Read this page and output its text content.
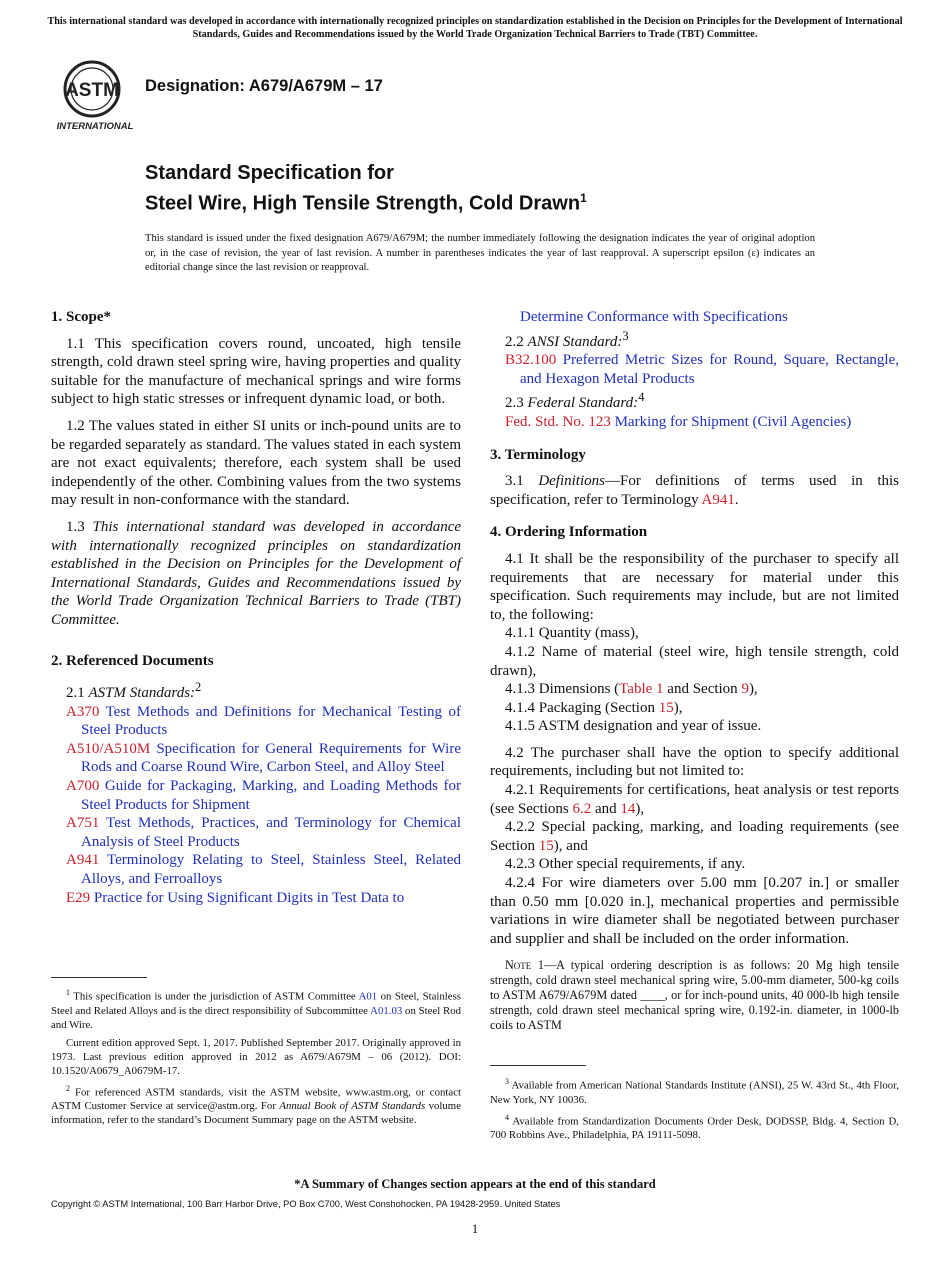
This international standard was developed in accordance with internationally recognized principles on standardization established in the Decision on Principles for the Development of International Standards, Guides and Recommendations issued by the World Trade Organization Technical Barriers to Trade (TBT) Committee.
ASTM
INTERNATIONAL
Designation: A679/A679M – 17
Standard Specification for
Steel Wire, High Tensile Strength, Cold Drawn$^1$
This standard is issued under the fixed designation A679/A679M; the number immediately following the designation indicates the year of original adoption or, in the case of revision, the year of last revision. A number in parentheses indicates the year of last reapproval. A superscript epsilon (ε) indicates an editorial change since the last revision or reapproval.
1. Scope*

1.1 This specification covers round, uncoated, high tensile strength, cold drawn steel spring wire, having properties and quality suitable for the manufacture of mechanical springs and wire forms subject to high static stresses or infrequent dynamic load, or both.

1.2 The values stated in either SI units or inch-pound units are to be regarded separately as standard. The values stated in each system are not exact equivalents; therefore, each system shall be used independently of the other. Combining values from the two systems may result in non-conformance with the standard.

1.3 This international standard was developed in accordance with internationally recognized principles on standardization established in the Decision on Principles for the Development of International Standards, Guides and Recommendations issued by the World Trade Organization Technical Barriers to Trade (TBT) Committee.

2. Referenced Documents

2.1 ASTM Standards:$^2$

A370 Test Methods and Definitions for Mechanical Testing of Steel Products

A510/A510M Specification for General Requirements for Wire Rods and Coarse Round Wire, Carbon Steel, and Alloy Steel

A700 Guide for Packaging, Marking, and Loading Methods for Steel Products for Shipment

A751 Test Methods, Practices, and Terminology for Chemical Analysis of Steel Products

A941 Terminology Relating to Steel, Stainless Steel, Related Alloys, and Ferroalloys

E29 Practice for Using Significant Digits in Test Data to

Determine Conformance with Specifications

2.2 ANSI Standard:$^3$

B32.100 Preferred Metric Sizes for Round, Square, Rectangle, and Hexagon Metal Products

2.3 Federal Standard:$^4$

Fed. Std. No. 123 Marking for Shipment (Civil Agencies)

3. Terminology

3.1 Definitions—For definitions of terms used in this specification, refer to Terminology A941.

4. Ordering Information

4.1 It shall be the responsibility of the purchaser to specify all requirements that are necessary for material under this specification. Such requirements may include, but are not limited to, the following:

4.1.1 Quantity (mass),

4.1.2 Name of material (steel wire, high tensile strength, cold drawn),

4.1.3 Dimensions (Table 1 and Section 9),

4.1.4 Packaging (Section 15),

4.1.5 ASTM designation and year of issue.

4.2 The purchaser shall have the option to specify additional requirements, including but not limited to:

4.2.1 Requirements for certifications, heat analysis or test reports (see Sections 6.2 and 14),

4.2.2 Special packing, marking, and loading requirements (see Section 15), and

4.2.3 Other special requirements, if any.

4.2.4 For wire diameters over 5.00 mm [0.207 in.] or smaller than 0.50 mm [0.020 in.], mechanical properties and permissible variations in wire diameter shall be negotiated between purchaser and supplier and shall be included on the order information.

Note 1—A typical ordering description is as follows: 20 Mg high tensile strength, cold drawn steel mechanical spring wire, 5.00-mm diameter, 500-kg coils to ASTM A679/A679M dated ____, or for inch-pound units, 40 000-lb high tensile strength, cold drawn steel mechanical spring wire, 0.192-in. diameter, in 1000-lb coils to ASTM

$^1$ This specification is under the jurisdiction of ASTM Committee A01 on Steel, Stainless Steel and Related Alloys and is the direct responsibility of Subcommittee A01.03 on Steel Rod and Wire.

Current edition approved Sept. 1, 2017. Published September 2017. Originally approved in 1973. Last previous edition approved in 2012 as A679/A679M – 06 (2012). DOI: 10.1520/A0679_A0679M-17.

$^2$ For referenced ASTM standards, visit the ASTM website, www.astm.org, or contact ASTM Customer Service at service@astm.org. For Annual Book of ASTM Standards volume information, refer to the standard’s Document Summary page on the ASTM website.

$^3$ Available from American National Standards Institute (ANSI), 25 W. 43rd St., 4th Floor, New York, NY 10036.

$^4$ Available from Standardization Documents Order Desk, DODSSP, Bldg. 4, Section D, 700 Robbins Ave., Philadelphia, PA 19111-5098.

*A Summary of Changes section appears at the end of this standard
Copyright © ASTM International, 100 Barr Harbor Drive, PO Box C700, West Conshohocken, PA 19428-2959. United States
1
